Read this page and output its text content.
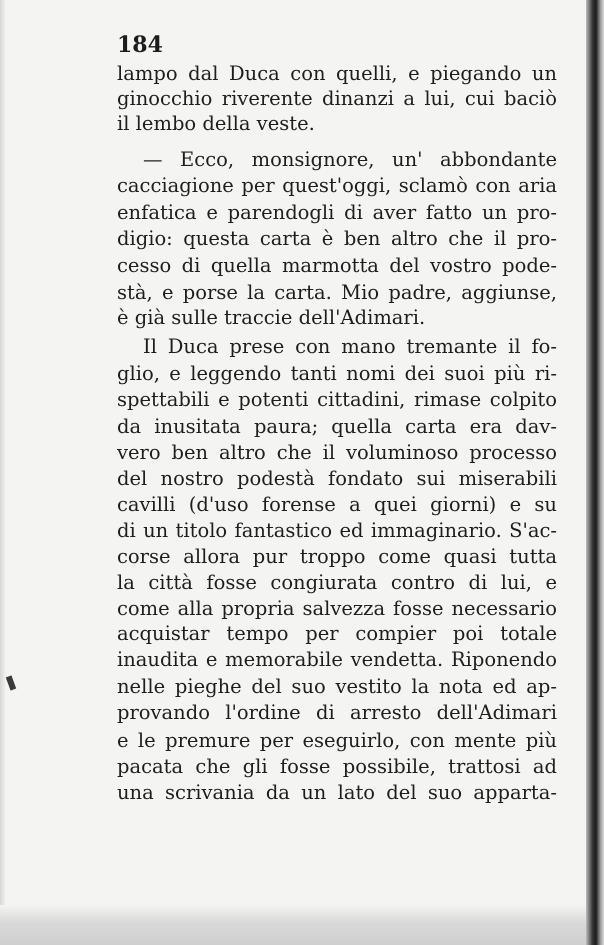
184

lampo dal Duca con quelli, e piegando un
ginocchio riverente dinanzi a lui, cui baciò
il lembo della veste.
— Ecco, monsignore, un' abbondante
cacciagione per quest'oggi, sclamò con aria
enfatica e parendogli di aver fatto un pro-
digio: questa carta è ben altro che il pro-
cesso di quella marmotta del vostro pode-
stà, e porse la carta. Mio padre, aggiunse,
è già sulle traccie dell'Adimari.
Il Duca prese con mano tremante il fo-
glio, e leggendo tanti nomi dei suoi più ri-
spettabili e potenti cittadini, rimase colpito
da inusitata paura; quella carta era dav-
vero ben altro che il voluminoso processo
del nostro podestà fondato sui miserabili
cavilli (d'uso forense a quei giorni) e su
di un titolo fantastico ed immaginario. S'ac-
corse allora pur troppo come quasi tutta
la città fosse congiurata contro di lui, e
come alla propria salvezza fosse necessario
acquistar tempo per compier poi totale
inaudita e memorabile vendetta. Riponendo
nelle pieghe del suo vestito la nota ed ap-
provando l'ordine di arresto dell'Adimari
e le premure per eseguirlo, con mente più
pacata che gli fosse possibile, trattosi ad
una scrivania da un lato del suo apparta-
